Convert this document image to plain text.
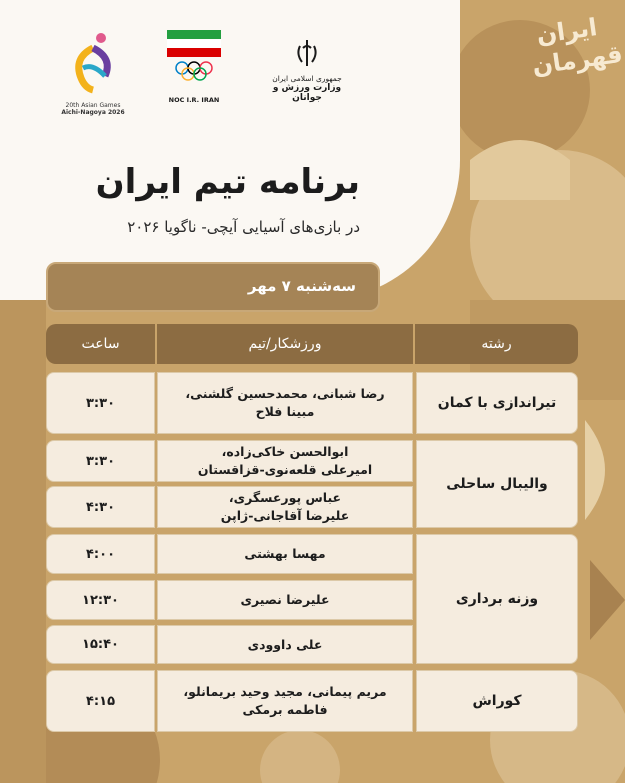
20th Asian Games
Aichi-Nagoya 2026
NOC I.R. IRAN
جمهوری اسلامی ایران
وزارت ورزش و جوانان
ایران قهرمان
برنامه تیم ایران
در بازی‌های آسیایی آیچی- ناگویا ۲۰۲۶
سه‌شنبه ۷ مهر
رشته
ورزشکار/تیم
ساعت
تیراندازی با کمان
والیبال ساحلی
وزنه برداری
کوراش
رضا شبانی، محمدحسین گلشنی،
مبینا فلاح
ابوالحسن خاکی‌زاده،
امیرعلی قلعه‌نوی-قزاقستان
عباس پورعسگری،
علیرضا آقاجانی-ژاپن
مهسا بهشتی
علیرضا نصیری
علی داوودی
مریم پیمانی، مجید وحید بریمانلو،
فاطمه برمکی
۳:۳۰
۳:۳۰
۴:۳۰
۴:۰۰
۱۲:۳۰
۱۵:۴۰
۴:۱۵
